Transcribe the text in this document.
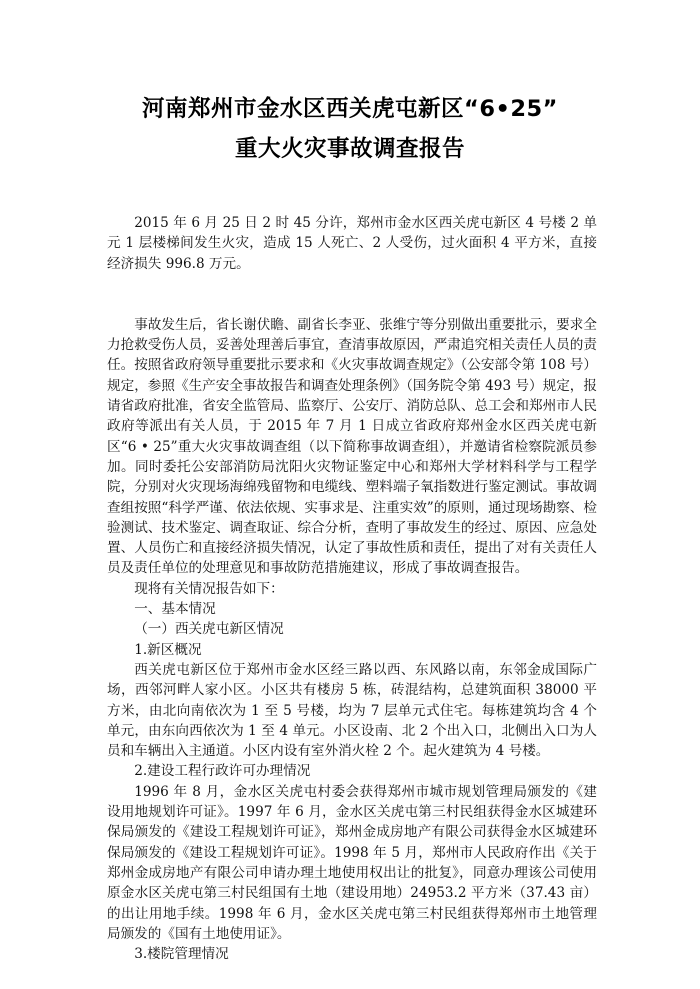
河南郑州市金水区西关虎屯新区“6•25”
重大火灾事故调查报告

2015 年 6 月 25 日 2 时 45 分许，郑州市金水区西关虎屯新区 4 号楼 2 单元 1 层楼梯间发生火灾，造成 15 人死亡、2 人受伤，过火面积 4 平方米，直接经济损失 996.8 万元。

事故发生后，省长谢伏瞻、副省长李亚、张维宁等分别做出重要批示，要求全力抢救受伤人员，妥善处理善后事宜，查清事故原因，严肃追究相关责任人员的责任。按照省政府领导重要批示要求和《火灾事故调查规定》（公安部令第 108 号）规定，参照《生产安全事故报告和调查处理条例》（国务院令第 493 号）规定，报请省政府批准，省安全监管局、监察厅、公安厅、消防总队、总工会和郑州市人民政府等派出有关人员，于 2015 年 7 月 1 日成立省政府郑州金水区西关虎屯新区“6 • 25”重大火灾事故调查组（以下简称事故调查组），并邀请省检察院派员参加。同时委托公安部消防局沈阳火灾物证鉴定中心和郑州大学材料科学与工程学院，分别对火灾现场海绵残留物和电缆线、塑料端子氧指数进行鉴定测试。事故调查组按照“科学严谨、依法依规、实事求是、注重实效”的原则，通过现场勘察、检验测试、技术鉴定、调查取证、综合分析，查明了事故发生的经过、原因、应急处置、人员伤亡和直接经济损失情况，认定了事故性质和责任，提出了对有关责任人员及责任单位的处理意见和事故防范措施建议，形成了事故调查报告。

现将有关情况报告如下：

一、基本情况

（一）西关虎屯新区情况

1.新区概况

西关虎屯新区位于郑州市金水区经三路以西、东风路以南，东邻金成国际广场，西邻河畔人家小区。小区共有楼房 5 栋，砖混结构，总建筑面积 38000 平方米，由北向南依次为 1 至 5 号楼，均为 7 层单元式住宅。每栋建筑均含 4 个单元，由东向西依次为 1 至 4 单元。小区设南、北 2 个出入口，北侧出入口为人员和车辆出入主通道。小区内设有室外消火栓 2 个。起火建筑为 4 号楼。

2.建设工程行政许可办理情况

1996 年 8 月，金水区关虎屯村委会获得郑州市城市规划管理局颁发的《建设用地规划许可证》。1997 年 6 月，金水区关虎屯第三村民组获得金水区城建环保局颁发的《建设工程规划许可证》，郑州金成房地产有限公司获得金水区城建环保局颁发的《建设工程规划许可证》。1998 年 5 月，郑州市人民政府作出《关于郑州金成房地产有限公司申请办理土地使用权出让的批复》，同意办理该公司使用原金水区关虎屯第三村民组国有土地（建设用地）24953.2 平方米（37.43 亩）的出让用地手续。1998 年 6 月，金水区关虎屯第三村民组获得郑州市土地管理局颁发的《国有土地使用证》。

3.楼院管理情况
